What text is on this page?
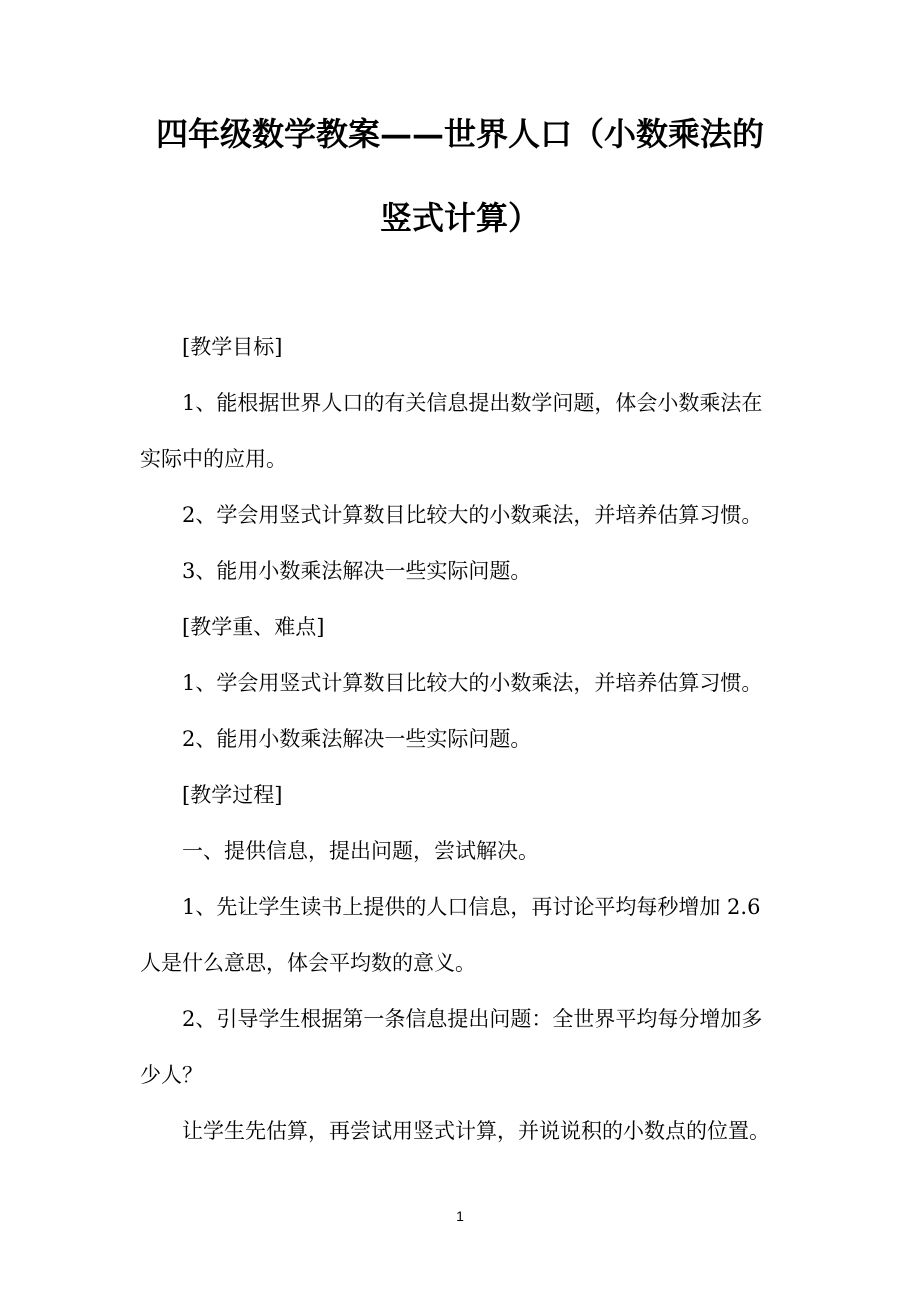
四年级数学教案——世界人口（小数乘法的
竖式计算）
[教学目标]
1、能根据世界人口的有关信息提出数学问题，体会小数乘法在
实际中的应用。
2、学会用竖式计算数目比较大的小数乘法，并培养估算习惯。
3、能用小数乘法解决一些实际问题。
[教学重、难点]
1、学会用竖式计算数目比较大的小数乘法，并培养估算习惯。
2、能用小数乘法解决一些实际问题。
[教学过程]
一、提供信息，提出问题，尝试解决。
1、先让学生读书上提供的人口信息，再讨论平均每秒增加 2.6
人是什么意思，体会平均数的意义。
2、引导学生根据第一条信息提出问题：全世界平均每分增加多
少人？
让学生先估算，再尝试用竖式计算，并说说积的小数点的位置。
1
